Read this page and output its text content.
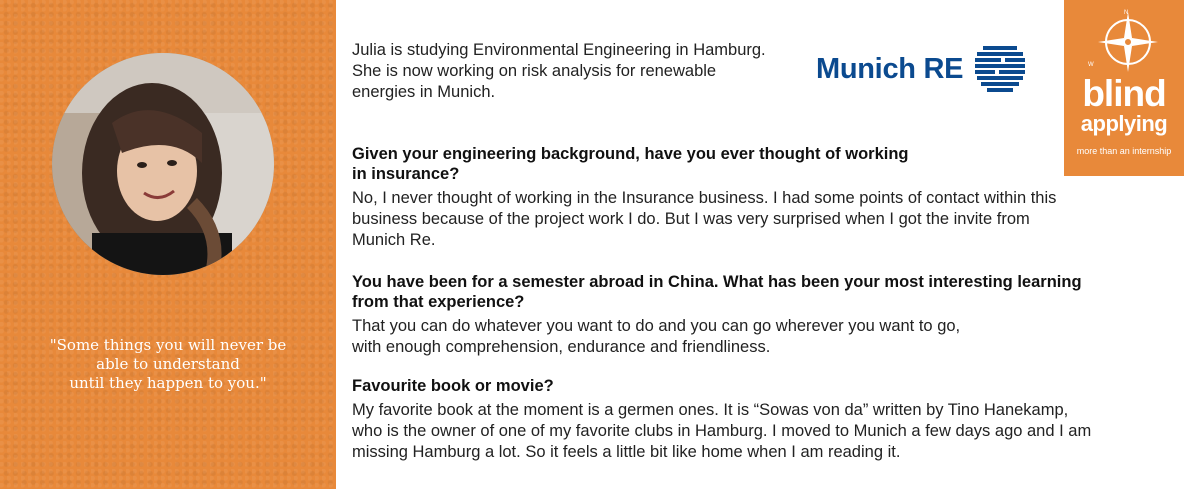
"Some things you will never be
able to understand
until they happen to you."
Julia is studying Environmental Engineering in Hamburg.
She is now working on risk analysis for renewable
energies in Munich.
Munich RE
N
W
blind
applying
more than an internship
Given your engineering background, have you ever thought of working
in insurance?
No, I never thought of working in the Insurance business. I had some points of contact within this
business because of the project work I do. But I was very surprised when I got the invite from
Munich Re.
You have been for a semester abroad in China. What has been your most interesting learning
from that experience?
That you can do whatever you want to do and you can go wherever you want to go,
with enough comprehension, endurance and friendliness.
Favourite book or movie?
My favorite book at the moment is a germen ones. It is “Sowas von da” written by Tino Hanekamp,
who is the owner of one of my favorite clubs in Hamburg. I moved to Munich a few days ago and I am
missing Hamburg a lot. So it feels a little bit like home when I am reading it.
